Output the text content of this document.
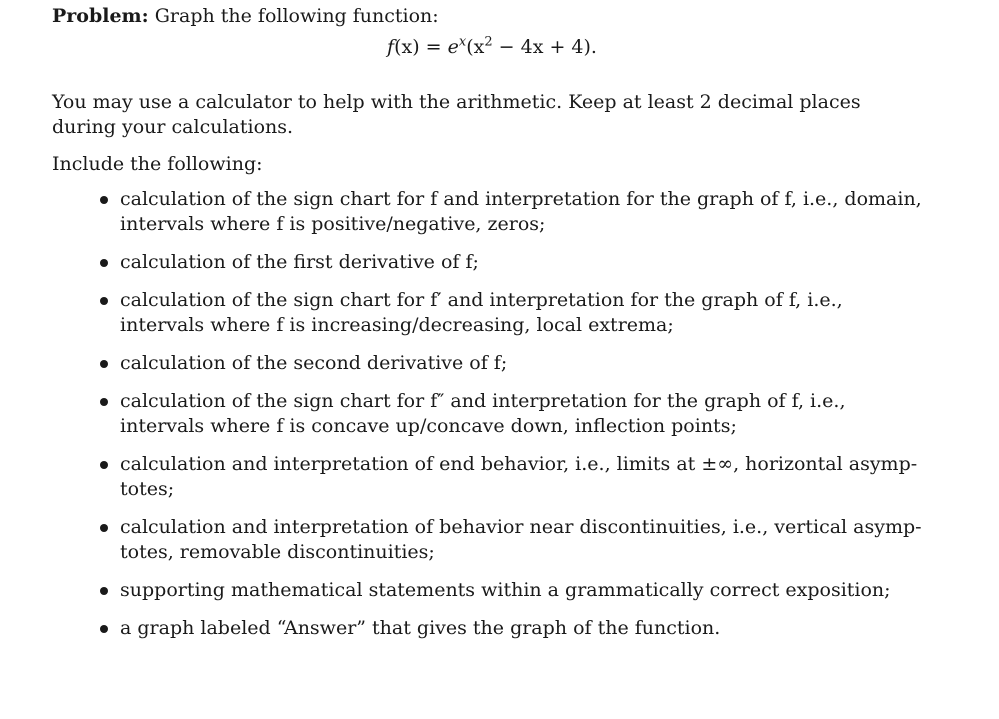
Problem: Graph the following function:

$f(x) = e^x(x^2 - 4x + 4)$.

You may use a calculator to help with the arithmetic. Keep at least 2 decimal places during your calculations.

Include the following:

calculation of the sign chart for f and interpretation for the graph of f, i.e., domain, intervals where f is positive/negative, zeros;
calculation of the first derivative of f;
calculation of the sign chart for f′ and interpretation for the graph of f, i.e., intervals where f is increasing/decreasing, local extrema;
calculation of the second derivative of f;
calculation of the sign chart for f″ and interpretation for the graph of f, i.e., intervals where f is concave up/concave down, inflection points;
calculation and interpretation of end behavior, i.e., limits at ±∞, horizontal asymp-totes;
calculation and interpretation of behavior near discontinuities, i.e., vertical asymp-totes, removable discontinuities;
supporting mathematical statements within a grammatically correct exposition;
a graph labeled “Answer” that gives the graph of the function.
